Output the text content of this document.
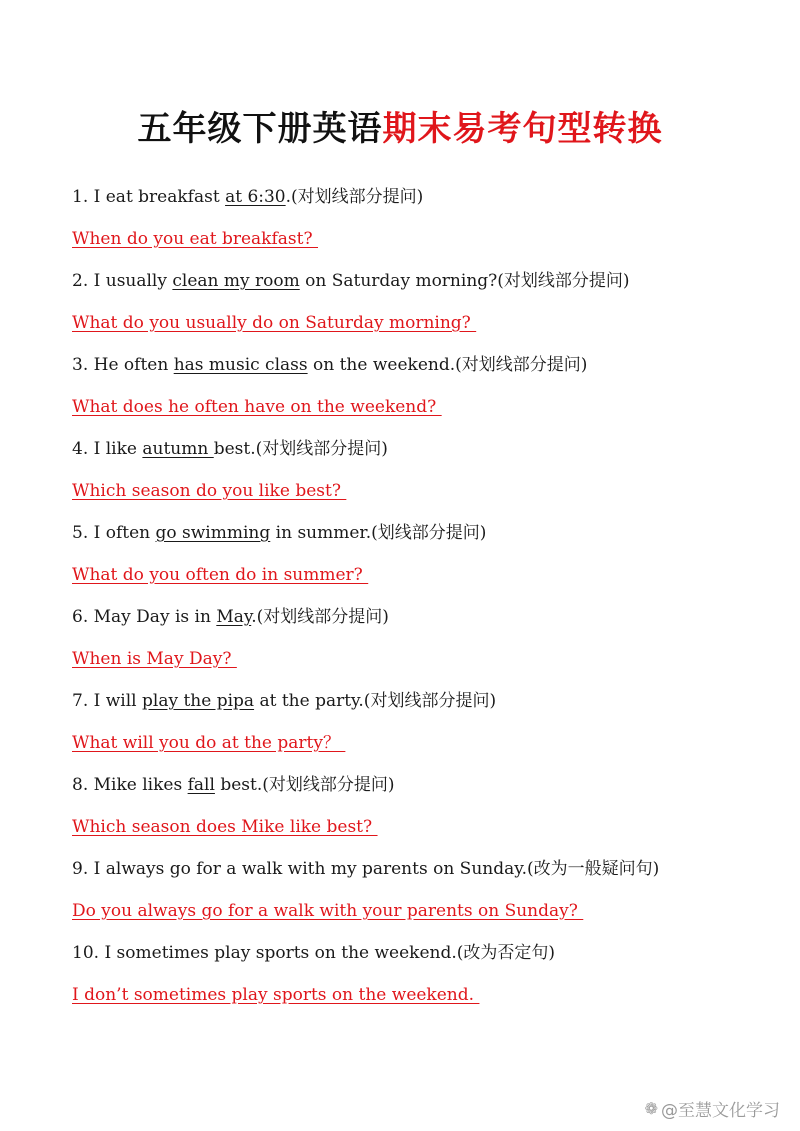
五年级下册英语期末易考句型转换
1. I eat breakfast at 6:30.(对划线部分提问)
When do you eat breakfast?
2. I usually clean my room on Saturday morning?(对划线部分提问)
What do you usually do on Saturday morning?
3. He often has music class on the weekend.(对划线部分提问)
What does he often have on the weekend?
4. I like autumn best.(对划线部分提问)
Which season do you like best?
5. I often go swimming in summer.(划线部分提问)
What do you often do in summer?
6. May Day is in May.(对划线部分提问)
When is May Day?
7. I will play the pipa at the party.(对划线部分提问)
What will you do at the party？
8. Mike likes fall best.(对划线部分提问)
Which season does Mike like best?
9. I always go for a walk with my parents on Sunday.(改为一般疑问句)
Do you always go for a walk with your parents on Sunday?
10. I sometimes play sports on the weekend.(改为否定句)
I don’t sometimes play sports on the weekend.
❁ @至慧文化学习
